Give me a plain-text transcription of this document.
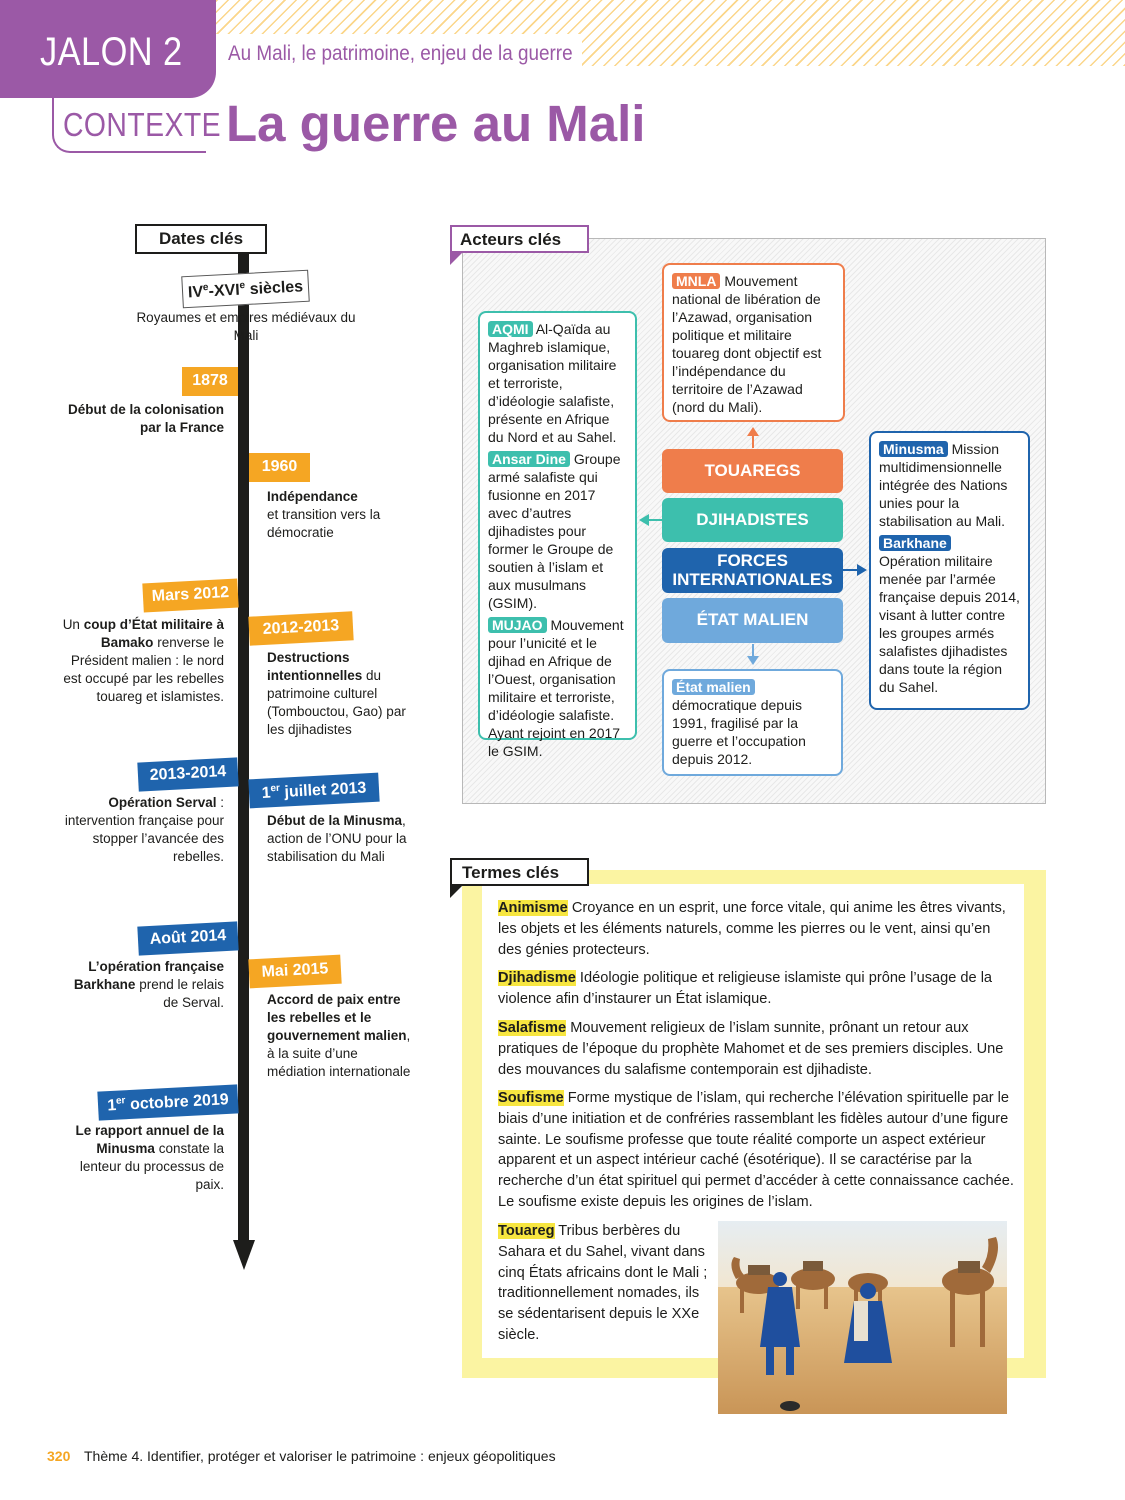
JALON 2 Au Mali, le patrimoine, enjeu de la guerre
CONTEXTE La guerre au Mali
Dates clés
IVe-XVIe siècles
Royaumes et empires médiévaux du Mali
1878
Début de la colonisation par la France
1960
Indépendance
et transition vers la démocratie
Mars 2012
Un coup d’État militaire à Bamako renverse le Président malien : le nord est occupé par les rebelles touareg et islamistes.
2012-2013
Destructions intentionnelles du patrimoine culturel (Tombouctou, Gao) par les djihadistes
2013-2014
Opération Serval : intervention française pour stopper l’avancée des rebelles.
1er juillet 2013
Début de la Minusma, action de l’ONU pour la stabilisation du Mali
Août 2014
L’opération française Barkhane prend le relais de Serval.
Mai 2015
Accord de paix entre les rebelles et le gouvernement malien, à la suite d’une médiation internationale
1er octobre 2019
Le rapport annuel de la Minusma constate la lenteur du processus de paix.
Acteurs clés
AQMI Al-Qaïda au Maghreb islamique, organisation militaire et terroriste, d’idéologie salafiste, présente en Afrique du Nord et au Sahel.
Ansar Dine Groupe armé salafiste qui fusionne en 2017 avec d’autres djihadistes pour former le Groupe de soutien à l’islam et aux musulmans (GSIM).
MUJAO Mouvement pour l’unicité et le djihad en Afrique de l’Ouest, organisation militaire et terroriste, d’idéologie salafiste. Ayant rejoint en 2017 le GSIM.
MNLA Mouvement national de libération de l’Azawad, organisation politique et militaire touareg dont objectif est l’indépendance du territoire de l’Azawad (nord du Mali).
Minusma Mission multidimensionnelle intégrée des Nations unies pour la stabilisation au Mali.
Barkhane
Opération militaire menée par l’armée française depuis 2014, visant à lutter contre les groupes armés salafistes djihadistes dans toute la région du Sahel.
État malien
démocratique depuis 1991, fragilisé par la guerre et l’occupation depuis 2012.
TOUAREGS
DJIHADISTES
FORCES INTERNATIONALES
ÉTAT MALIEN
Termes clés
Animisme Croyance en un esprit, une force vitale, qui anime les êtres vivants, les objets et les éléments naturels, comme les pierres ou le vent, ainsi qu’en des génies protecteurs.
Djihadisme Idéologie politique et religieuse islamiste qui prône l’usage de la violence afin d’instaurer un État islamique.
Salafisme Mouvement religieux de l’islam sunnite, prônant un retour aux pratiques de l’époque du prophète Mahomet et de ses premiers disciples. Une des mouvances du salafisme contemporain est djihadiste.
Soufisme Forme mystique de l’islam, qui recherche l’élévation spirituelle par le biais d’une initiation et de confréries rassemblant les fidèles autour d’une figure sainte. Le soufisme professe que toute réalité comporte un aspect extérieur apparent et un aspect intérieur caché (ésotérique). Il se caractérise par la recherche d’un état spirituel qui permet d’accéder à cette connaissance cachée. Le soufisme existe depuis les origines de l’islam.
Touareg Tribus berbères du Sahara et du Sahel, vivant dans cinq États africains dont le Mali ; traditionnellement nomades, ils se sédentarisent depuis le XXe siècle.
320 Thème 4. Identifier, protéger et valoriser le patrimoine : enjeux géopolitiques
